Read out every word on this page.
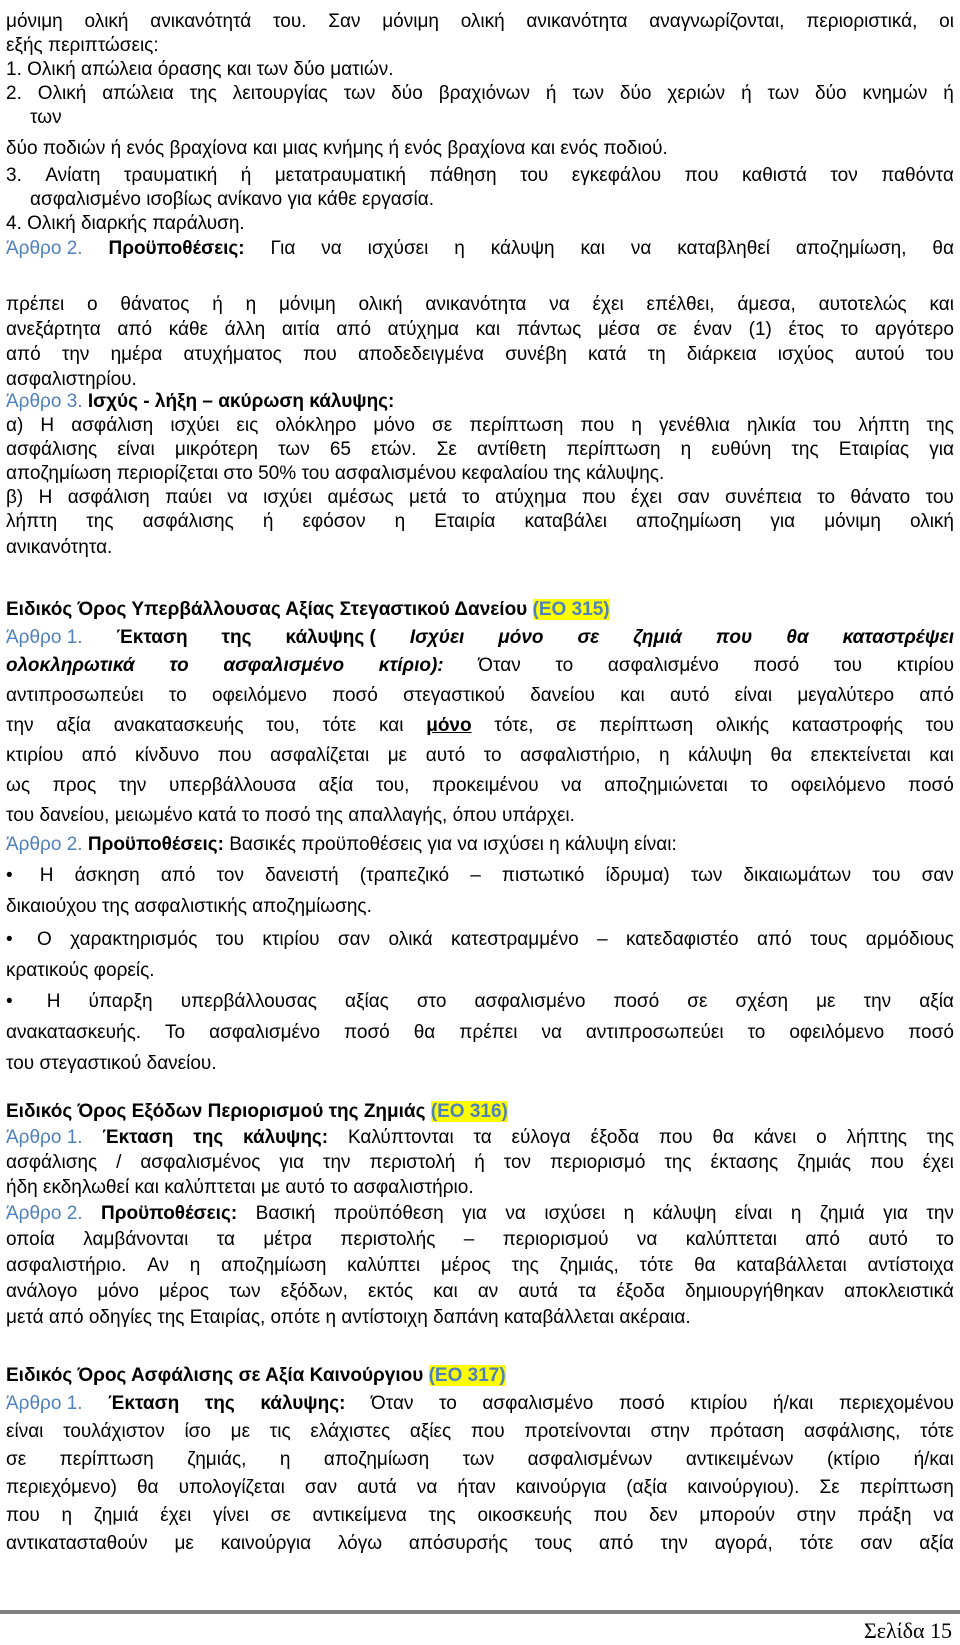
μόνιμη ολική ανικανότητά του. Σαν μόνιμη ολική ανικανότητα αναγνωρίζονται, περιοριστικά, οι
εξής περιπτώσεις:
1. Ολική απώλεια όρασης και των δύο ματιών.
2. Ολική απώλεια της λειτουργίας των δύο βραχιόνων ή των δύο χεριών ή των δύο κνημών ή
των
δύο ποδιών ή ενός βραχίονα και μιας κνήμης ή ενός βραχίονα και ενός ποδιού.
3. Ανίατη τραυματική ή μετατραυματική πάθηση του εγκεφάλου που καθιστά τον παθόντα
ασφαλισμένο ισοβίως ανίκανο για κάθε εργασία.
4. Ολική διαρκής παράλυση.
Άρθρο 2. Προϋποθέσεις: Για να ισχύσει η κάλυψη και να καταβληθεί αποζημίωση, θα
πρέπει ο θάνατος ή η μόνιμη ολική ανικανότητα να έχει επέλθει, άμεσα, αυτοτελώς και
ανεξάρτητα από κάθε άλλη αιτία από ατύχημα και πάντως μέσα σε έναν (1) έτος το αργότερο
από την ημέρα ατυχήματος που αποδεδειγμένα συνέβη κατά τη διάρκεια ισχύος αυτού του
ασφαλιστηρίου.
Άρθρο 3. Ισχύς - λήξη – ακύρωση κάλυψης:
α) Η ασφάλιση ισχύει εις ολόκληρο μόνο σε περίπτωση που η γενέθλια ηλικία του λήπτη της
ασφάλισης είναι μικρότερη των 65 ετών. Σε αντίθετη περίπτωση η ευθύνη της Εταιρίας για
αποζημίωση περιορίζεται στο 50% του ασφαλισμένου κεφαλαίου της κάλυψης.
β) Η ασφάλιση παύει να ισχύει αμέσως μετά το ατύχημα που έχει σαν συνέπεια το θάνατο του
λήπτη της ασφάλισης ή εφόσον η Εταιρία καταβάλει αποζημίωση για μόνιμη ολική
ανικανότητα.
Ειδικός Όρος Υπερβάλλουσας Αξίας Στεγαστικού Δανείου (ΕΟ 315)
Άρθρο 1. Έκταση της κάλυψης ( Ισχύει μόνο σε ζημιά που θα καταστρέψει
ολοκληρωτικά το ασφαλισμένο κτίριο): Όταν το ασφαλισμένο ποσό του κτιρίου
αντιπροσωπεύει το οφειλόμενο ποσό στεγαστικού δανείου και αυτό είναι μεγαλύτερο από
την αξία ανακατασκευής του, τότε και μόνο τότε, σε περίπτωση ολικής καταστροφής του
κτιρίου από κίνδυνο που ασφαλίζεται με αυτό το ασφαλιστήριο, η κάλυψη θα επεκτείνεται και
ως προς την υπερβάλλουσα αξία του, προκειμένου να αποζημιώνεται το οφειλόμενο ποσό
του δανείου, μειωμένο κατά το ποσό της απαλλαγής, όπου υπάρχει.
Άρθρο 2. Προϋποθέσεις: Βασικές προϋποθέσεις για να ισχύσει η κάλυψη είναι:
• Η άσκηση από τον δανειστή (τραπεζικό – πιστωτικό ίδρυμα) των δικαιωμάτων του σαν
δικαιούχου της ασφαλιστικής αποζημίωσης.
• Ο χαρακτηρισμός του κτιρίου σαν ολικά κατεστραμμένο – κατεδαφιστέο από τους αρμόδιους
κρατικούς φορείς.
• Η ύπαρξη υπερβάλλουσας αξίας στο ασφαλισμένο ποσό σε σχέση με την αξία
ανακατασκευής. Το ασφαλισμένο ποσό θα πρέπει να αντιπροσωπεύει το οφειλόμενο ποσό
του στεγαστικού δανείου.
Ειδικός Όρος Εξόδων Περιορισμού της Ζημιάς (ΕΟ 316)
Άρθρο 1. Έκταση της κάλυψης: Καλύπτονται τα εύλογα έξοδα που θα κάνει ο λήπτης της
ασφάλισης / ασφαλισμένος για την περιστολή ή τον περιορισμό της έκτασης ζημιάς που έχει
ήδη εκδηλωθεί και καλύπτεται με αυτό το ασφαλιστήριο.
Άρθρο 2. Προϋποθέσεις: Βασική προϋπόθεση για να ισχύσει η κάλυψη είναι η ζημιά για την
οποία λαμβάνονται τα μέτρα περιστολής – περιορισμού να καλύπτεται από αυτό το
ασφαλιστήριο. Αν η αποζημίωση καλύπτει μέρος της ζημιάς, τότε θα καταβάλλεται αντίστοιχα
ανάλογο μόνο μέρος των εξόδων, εκτός και αν αυτά τα έξοδα δημιουργήθηκαν αποκλειστικά
μετά από οδηγίες της Εταιρίας, οπότε η αντίστοιχη δαπάνη καταβάλλεται ακέραια.
Ειδικός Όρος Ασφάλισης σε Αξία Καινούργιου (ΕΟ 317)
Άρθρο 1. Έκταση της κάλυψης: Όταν το ασφαλισμένο ποσό κτιρίου ή/και περιεχομένου
είναι τουλάχιστον ίσο με τις ελάχιστες αξίες που προτείνονται στην πρόταση ασφάλισης, τότε
σε περίπτωση ζημιάς, η αποζημίωση των ασφαλισμένων αντικειμένων (κτίριο ή/και
περιεχόμενο) θα υπολογίζεται σαν αυτά να ήταν καινούργια (αξία καινούργιου). Σε περίπτωση
που η ζημιά έχει γίνει σε αντικείμενα της οικοσκευής που δεν μπορούν στην πράξη να
αντικατασταθούν με καινούργια λόγω απόσυρσής τους από την αγορά, τότε σαν αξία
Σελίδα 15
